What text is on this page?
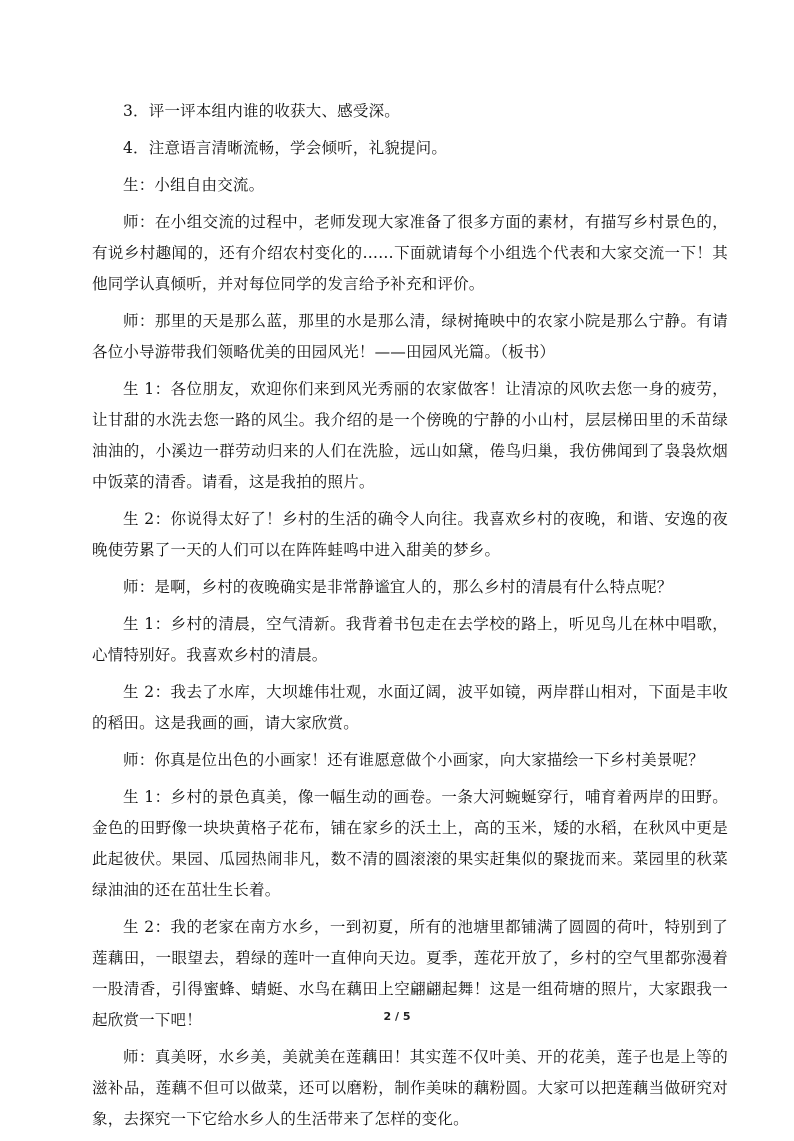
3．评一评本组内谁的收获大、感受深。

4．注意语言清晰流畅，学会倾听，礼貌提问。

生：小组自由交流。

师：在小组交流的过程中，老师发现大家准备了很多方面的素材，有描写乡村景色的，有说乡村趣闻的，还有介绍农村变化的……下面就请每个小组选个代表和大家交流一下！其他同学认真倾听，并对每位同学的发言给予补充和评价。

师：那里的天是那么蓝，那里的水是那么清，绿树掩映中的农家小院是那么宁静。有请各位小导游带我们领略优美的田园风光！——田园风光篇。（板书）

生 1：各位朋友，欢迎你们来到风光秀丽的农家做客！让清凉的风吹去您一身的疲劳，让甘甜的水洗去您一路的风尘。我介绍的是一个傍晚的宁静的小山村，层层梯田里的禾苗绿油油的，小溪边一群劳动归来的人们在洗脸，远山如黛，倦鸟归巢，我仿佛闻到了袅袅炊烟中饭菜的清香。请看，这是我拍的照片。

生 2：你说得太好了！乡村的生活的确令人向往。我喜欢乡村的夜晚，和谐、安逸的夜晚使劳累了一天的人们可以在阵阵蛙鸣中进入甜美的梦乡。

师：是啊，乡村的夜晚确实是非常静谧宜人的，那么乡村的清晨有什么特点呢？

生 1：乡村的清晨，空气清新。我背着书包走在去学校的路上，听见鸟儿在林中唱歌，心情特别好。我喜欢乡村的清晨。

生 2：我去了水库，大坝雄伟壮观，水面辽阔，波平如镜，两岸群山相对，下面是丰收的稻田。这是我画的画，请大家欣赏。

师：你真是位出色的小画家！还有谁愿意做个小画家，向大家描绘一下乡村美景呢？

生 1：乡村的景色真美，像一幅生动的画卷。一条大河蜿蜒穿行，哺育着两岸的田野。金色的田野像一块块黄格子花布，铺在家乡的沃土上，高的玉米，矮的水稻，在秋风中更是此起彼伏。果园、瓜园热闹非凡，数不清的圆滚滚的果实赶集似的聚拢而来。菜园里的秋菜绿油油的还在茁壮生长着。

生 2：我的老家在南方水乡，一到初夏，所有的池塘里都铺满了圆圆的荷叶，特别到了莲藕田，一眼望去，碧绿的莲叶一直伸向天边。夏季，莲花开放了，乡村的空气里都弥漫着一股清香，引得蜜蜂、蜻蜓、水鸟在藕田上空翩翩起舞！这是一组荷塘的照片，大家跟我一起欣赏一下吧！

师：真美呀，水乡美，美就美在莲藕田！其实莲不仅叶美、开的花美，莲子也是上等的滋补品，莲藕不但可以做菜，还可以磨粉，制作美味的藕粉圆。大家可以把莲藕当做研究对象，去探究一下它给水乡人的生活带来了怎样的变化。

2 / 5
